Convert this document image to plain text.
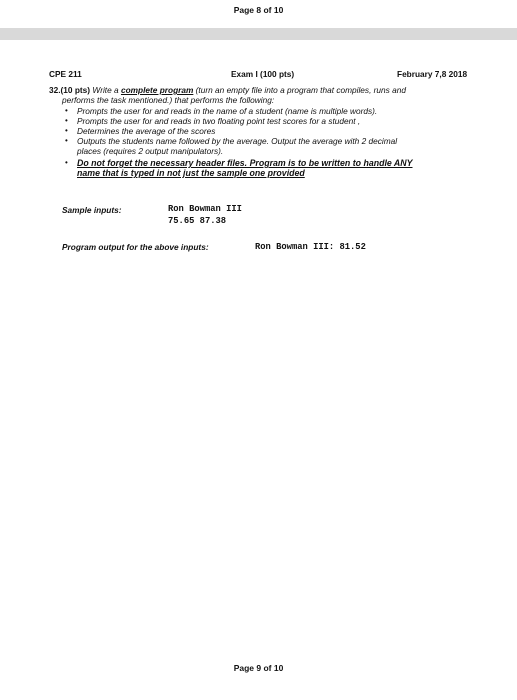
Page 8 of 10
CPE 211	Exam I (100 pts)	February 7,8 2018
32.(10 pts) Write a complete program (turn an empty file into a program that compiles, runs and
performs the task mentioned.) that performs the following:
• Prompts the user for and reads in the name of a student (name is multiple words).
• Prompts the user for and reads in two floating point test scores for a student ,
• Determines the average of the scores
• Outputs the students name followed by the average. Output the average with 2 decimal
places (requires 2 output manipulators).
• Do not forget the necessary header files. Program is to be written to handle ANY
name that is typed in not just the sample one provided
Sample inputs:	Ron Bowman III
75.65 87.38
Program output for the above inputs:	Ron Bowman III: 81.52
Page 9 of 10
